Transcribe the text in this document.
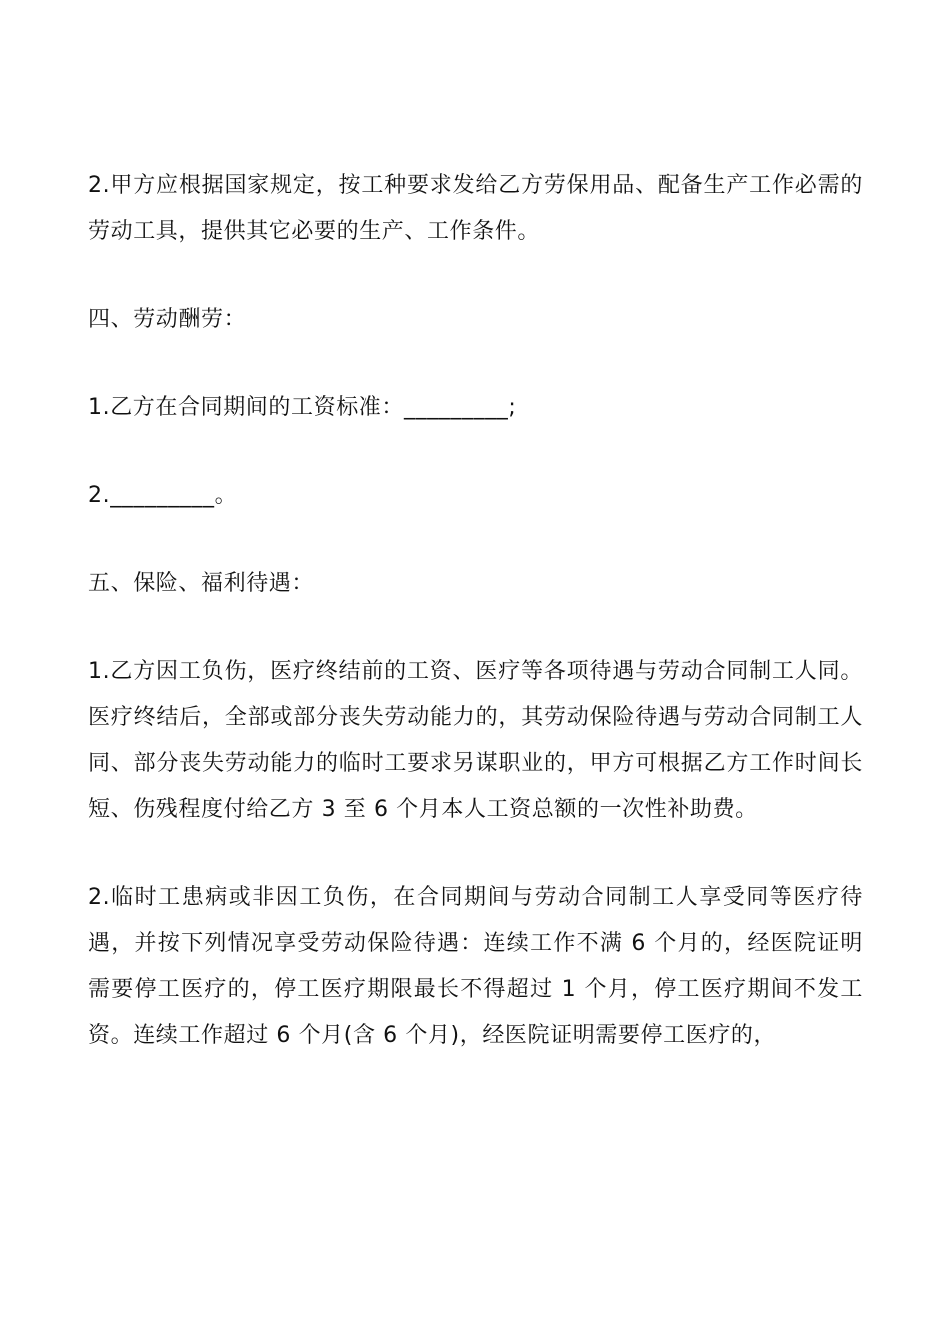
2.甲方应根据国家规定，按工种要求发给乙方劳保用品、配备生产工作必需的劳动工具，提供其它必要的生产、工作条件。

四、劳动酬劳：

1.乙方在合同期间的工资标准：_________;

2._________。

五、保险、福利待遇：

1.乙方因工负伤，医疗终结前的工资、医疗等各项待遇与劳动合同制工人同。医疗终结后，全部或部分丧失劳动能力的，其劳动保险待遇与劳动合同制工人同、部分丧失劳动能力的临时工要求另谋职业的，甲方可根据乙方工作时间长短、伤残程度付给乙方 3 至 6 个月本人工资总额的一次性补助费。

2.临时工患病或非因工负伤，在合同期间与劳动合同制工人享受同等医疗待遇，并按下列情况享受劳动保险待遇：连续工作不满 6 个月的，经医院证明需要停工医疗的，停工医疗期限最长不得超过 1 个月，停工医疗期间不发工资。连续工作超过 6 个月(含 6 个月)，经医院证明需要停工医疗的，
